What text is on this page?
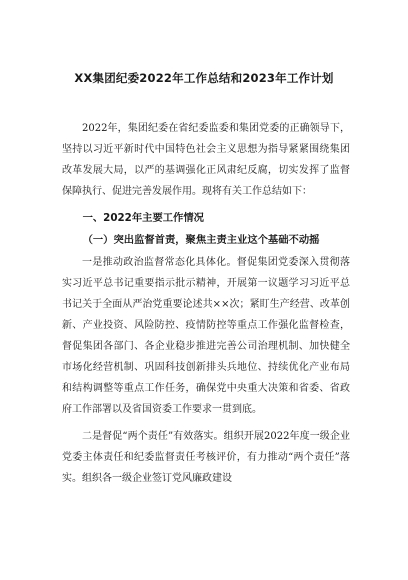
XX集团纪委2022年工作总结和2023年工作计划

2022年，集团纪委在省纪委监委和集团党委的正确领导下，坚持以习近平新时代中国特色社会主义思想为指导紧紧围绕集团改革发展大局，以严的基调强化正风肃纪反腐，切实发挥了监督保障执行、促进完善发展作用。现将有关工作总结如下：

一、2022年主要工作情况

（一）突出监督首责，聚焦主责主业这个基础不动摇

一是推动政治监督常态化具体化。督促集团党委深入贯彻落实习近平总书记重要指示批示精神，开展第一议题学习习近平总书记关于全面从严治党重要论述共××次；紧盯生产经营、改革创新、产业投资、风险防控、疫情防控等重点工作强化监督检查，督促集团各部门、各企业稳步推进完善公司治理机制、加快健全市场化经营机制、巩固科技创新排头兵地位、持续优化产业布局和结构调整等重点工作任务，确保党中央重大决策和省委、省政府工作部署以及省国资委工作要求一贯到底。

二是督促“两个责任”有效落实。组织开展2022年度一级企业党委主体责任和纪委监督责任考核评价，有力推动“两个责任”落实。组织各一级企业签订党风廉政建设
